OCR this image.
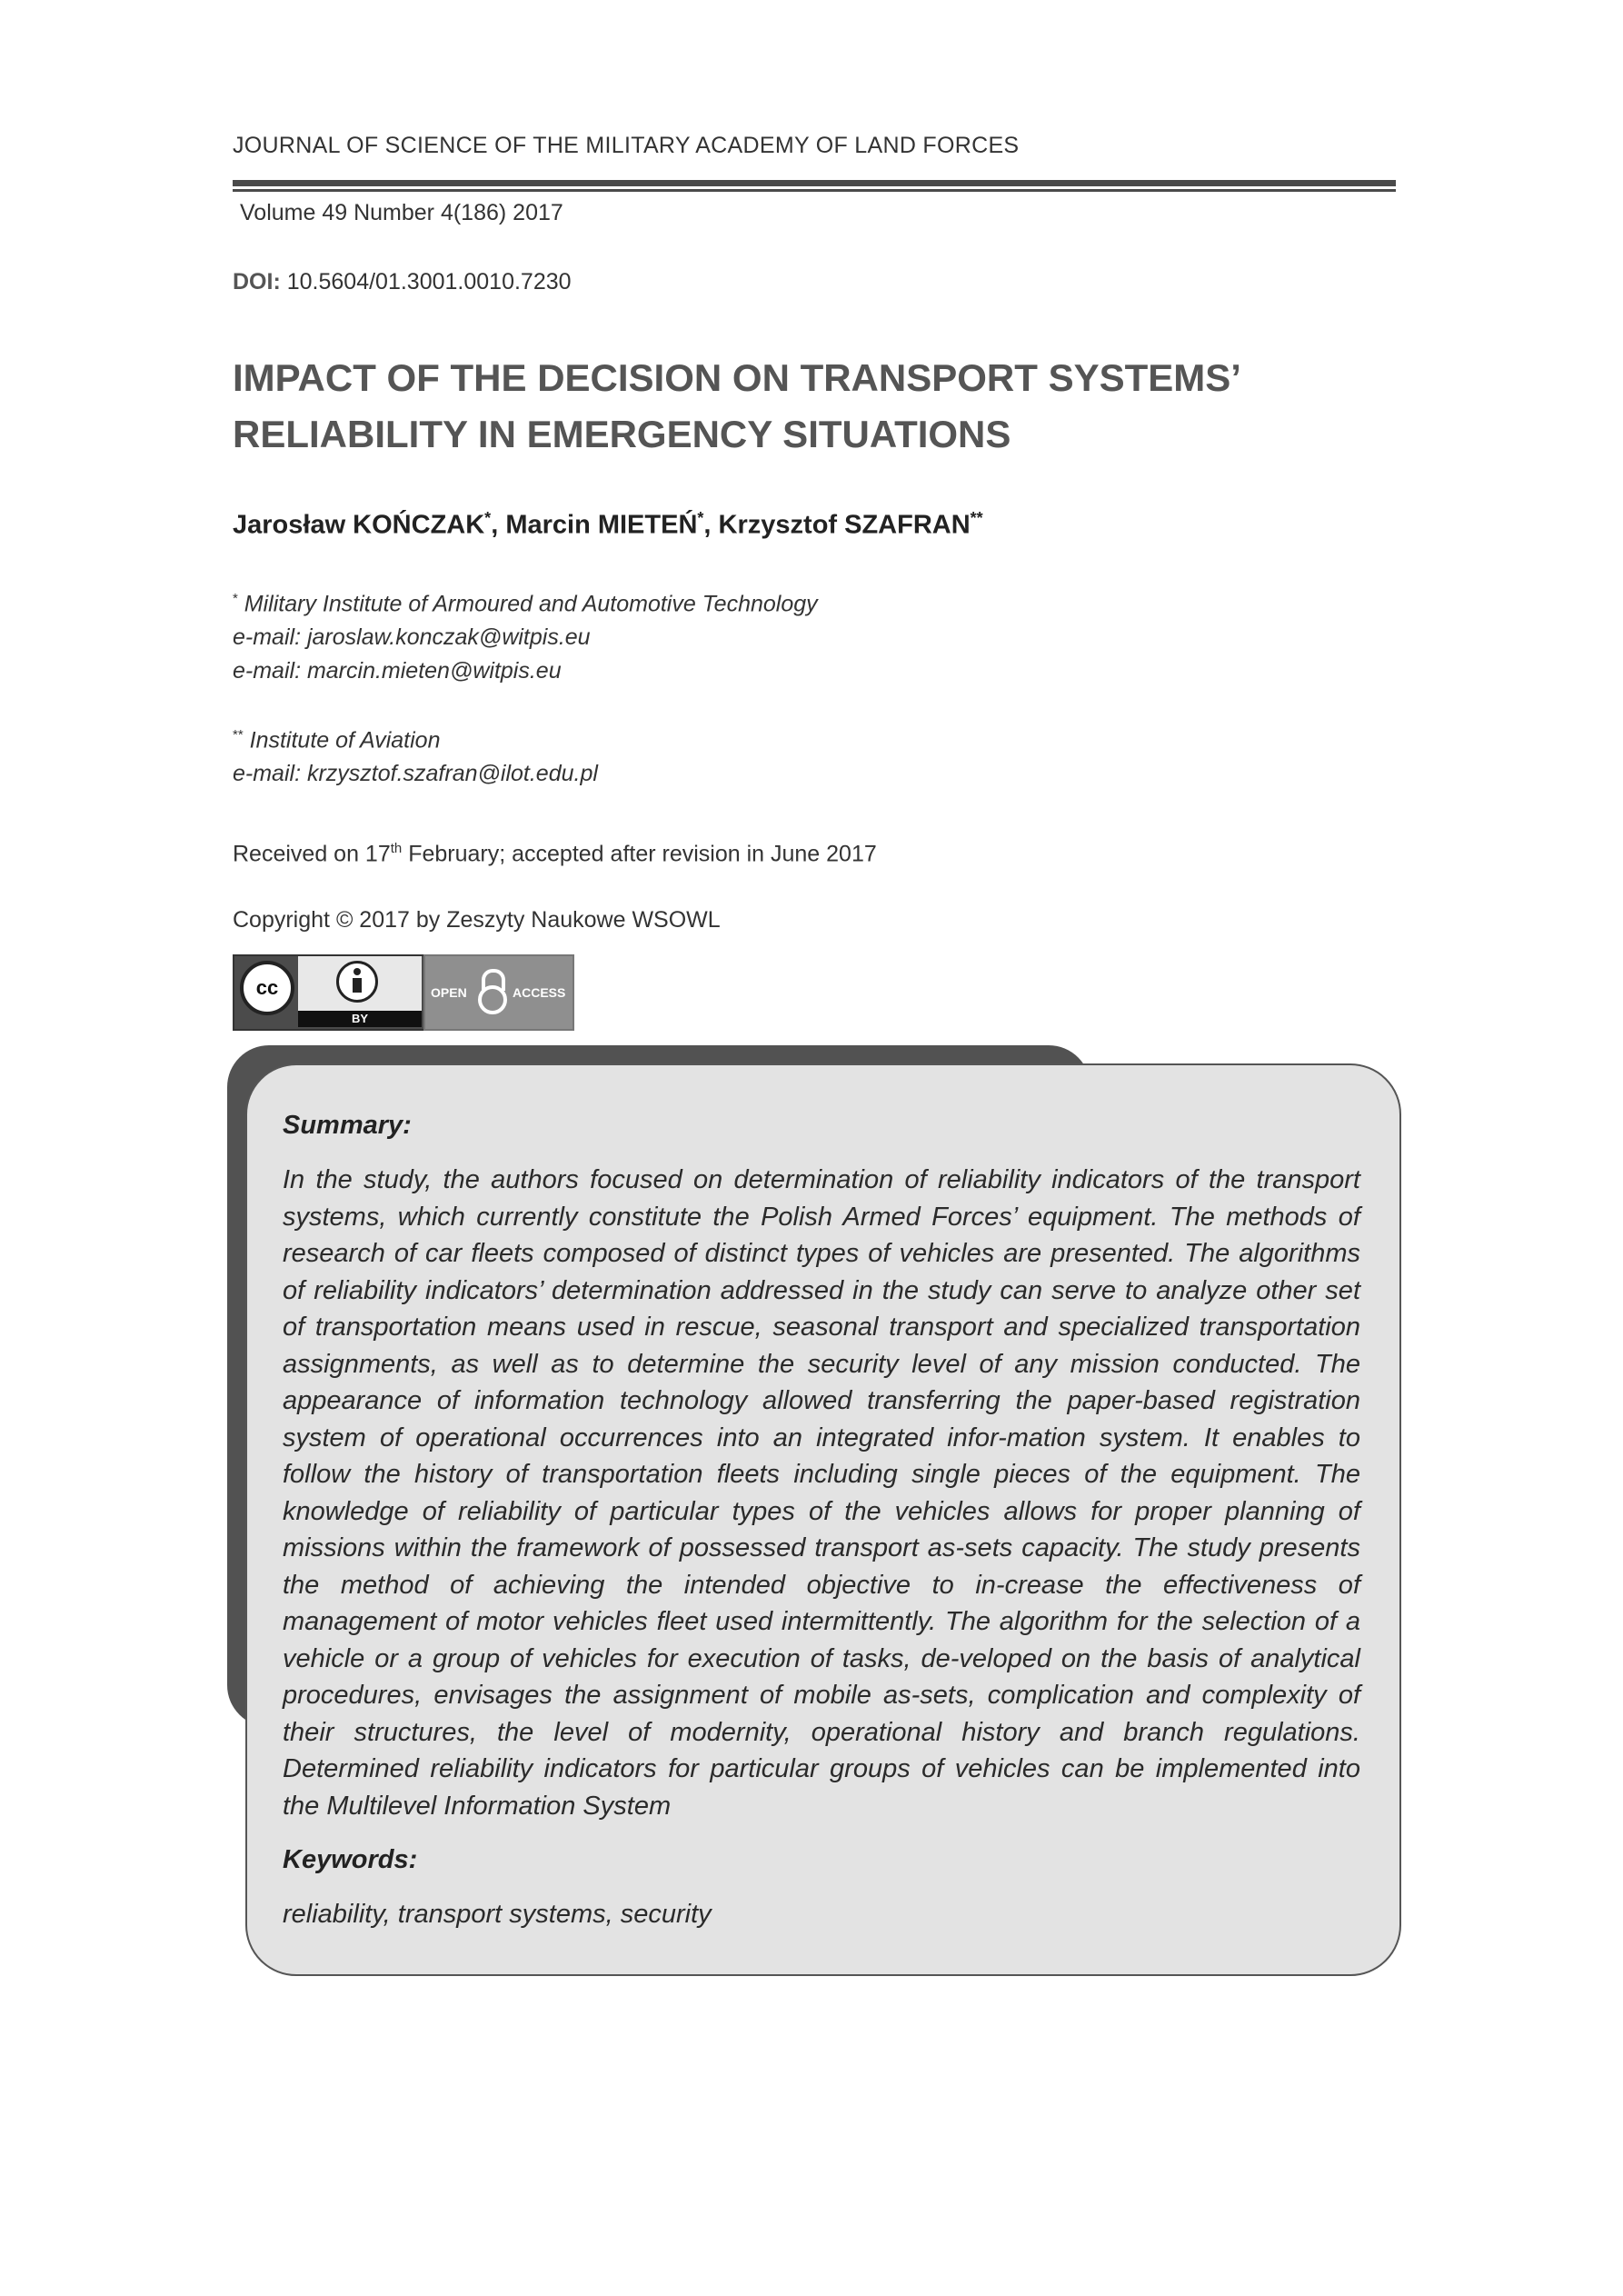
JOURNAL OF SCIENCE OF THE MILITARY ACADEMY OF LAND FORCES
Volume 49 Number 4(186) 2017
DOI: 10.5604/01.3001.0010.7230
IMPACT OF THE DECISION ON TRANSPORT SYSTEMS’
RELIABILITY IN EMERGENCY SITUATIONS
Jarosław KOŃCZAK*, Marcin MIETEŃ*, Krzysztof SZAFRAN**
* Military Institute of Armoured and Automotive Technology
e-mail: jaroslaw.konczak@witpis.eu
e-mail: marcin.mieten@witpis.eu
** Institute of Aviation
e-mail: krzysztof.szafran@ilot.edu.pl
Received on 17th February; accepted after revision in June 2017
Copyright © 2017 by Zeszyty Naukowe WSOWL
cc
BY
OPEN	ACCESS
Summary:
In the study, the authors focused on determination of reliability indicators of the transport systems, which currently constitute the Polish Armed Forces’ equipment. The methods of research of car fleets composed of distinct types of vehicles are presented. The algorithms of reliability indicators’ determination addressed in the study can serve to analyze other set of transportation means used in rescue, seasonal transport and specialized transportation assignments, as well as to determine the security level of any mission conducted. The appearance of information technology allowed transferring the paper-based registration system of operational occurrences into an integrated infor-mation system. It enables to follow the history of transportation fleets including single pieces of the equipment. The knowledge of reliability of particular types of the vehicles allows for proper planning of missions within the framework of possessed transport as-sets capacity. The study presents the method of achieving the intended objective to in-crease the effectiveness of management of motor vehicles fleet used intermittently. The algorithm for the selection of a vehicle or a group of vehicles for execution of tasks, de-veloped on the basis of analytical procedures, envisages the assignment of mobile as-sets, complication and complexity of their structures, the level of modernity, operational history and branch regulations. Determined reliability indicators for particular groups of vehicles can be implemented into the Multilevel Information System
Keywords:
reliability, transport systems, security
